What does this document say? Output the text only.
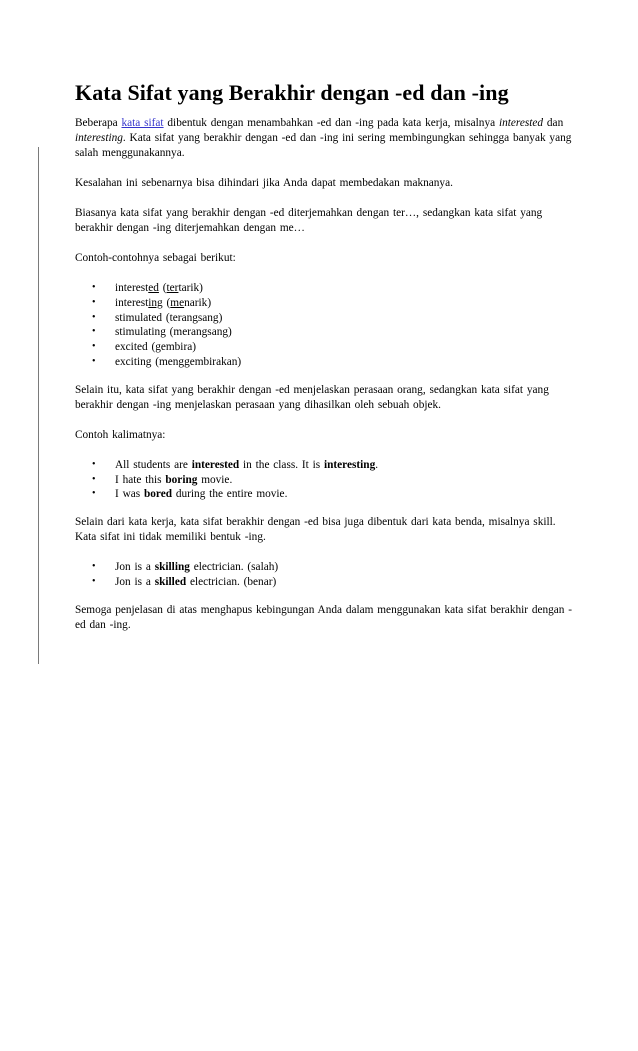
Kata Sifat yang Berakhir dengan -ed dan -ing

Beberapa kata sifat dibentuk dengan menambahkan -ed dan -ing pada kata kerja, misalnya interested dan interesting. Kata sifat yang berakhir dengan -ed dan -ing ini sering membingungkan sehingga banyak yang salah menggunakannya.

Kesalahan ini sebenarnya bisa dihindari jika Anda dapat membedakan maknanya.

Biasanya kata sifat yang berakhir dengan -ed diterjemahkan dengan ter…, sedangkan kata sifat yang berakhir dengan -ing diterjemahkan dengan me…

Contoh-contohnya sebagai berikut:

• interested (tertarik)
• interesting (menarik)
• stimulated (terangsang)
• stimulating (merangsang)
• excited (gembira)
• exciting (menggembirakan)

Selain itu, kata sifat yang berakhir dengan -ed menjelaskan perasaan orang, sedangkan kata sifat yang berakhir dengan -ing menjelaskan perasaan yang dihasilkan oleh sebuah objek.

Contoh kalimatnya:

• All students are interested in the class. It is interesting.
• I hate this boring movie.
• I was bored during the entire movie.

Selain dari kata kerja, kata sifat berakhir dengan -ed bisa juga dibentuk dari kata benda, misalnya skill. Kata sifat ini tidak memiliki bentuk -ing.

• Jon is a skilling electrician. (salah)
• Jon is a skilled electrician. (benar)

Semoga penjelasan di atas menghapus kebingungan Anda dalam menggunakan kata sifat berakhir dengan -ed dan -ing.
